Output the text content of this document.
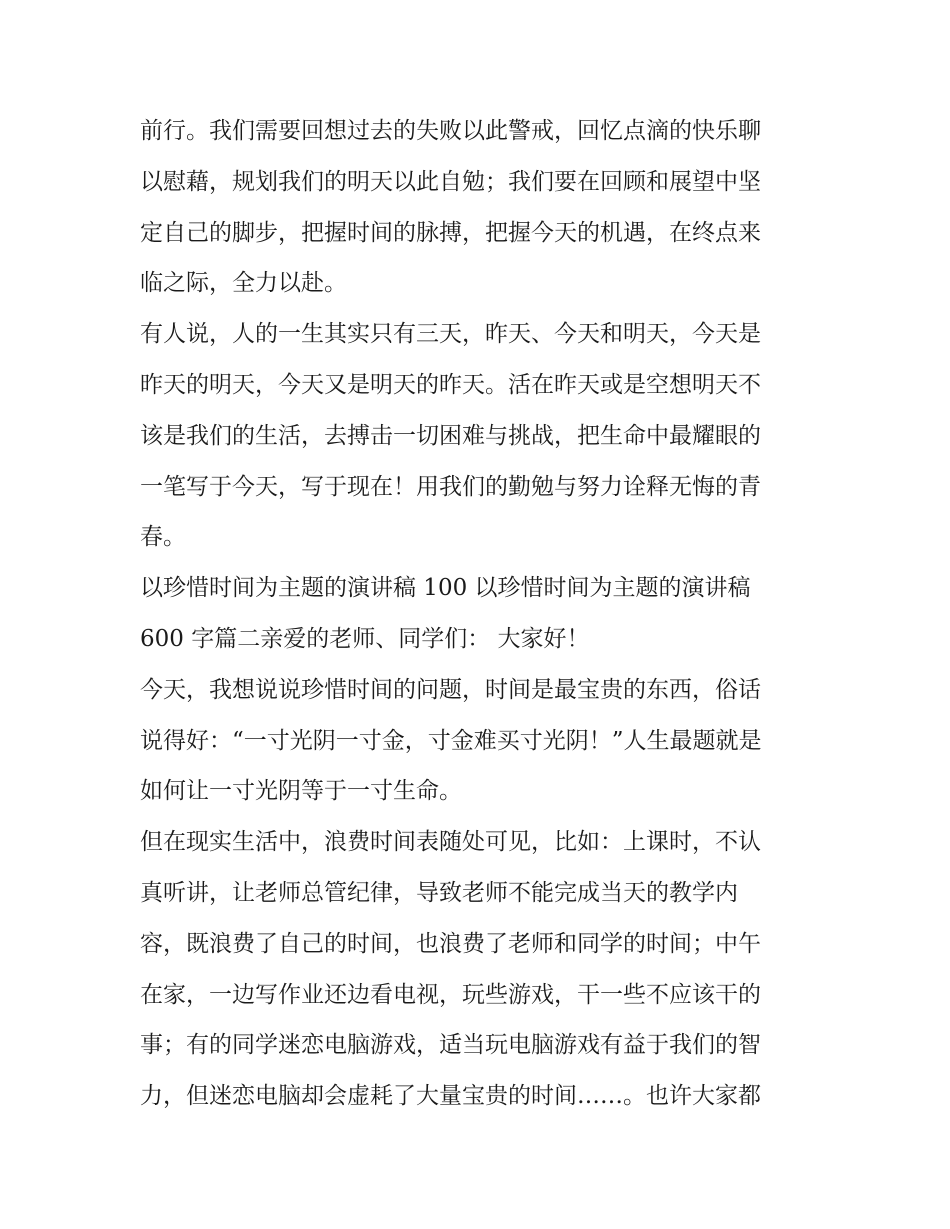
前行。我们需要回想过去的失败以此警戒，回忆点滴的快乐聊
以慰藉，规划我们的明天以此自勉；我们要在回顾和展望中坚
定自己的脚步，把握时间的脉搏，把握今天的机遇，在终点来
临之际，全力以赴。
有人说，人的一生其实只有三天，昨天、今天和明天，今天是
昨天的明天，今天又是明天的昨天。活在昨天或是空想明天不
该是我们的生活，去搏击一切困难与挑战，把生命中最耀眼的
一笔写于今天，写于现在！用我们的勤勉与努力诠释无悔的青
春。
以珍惜时间为主题的演讲稿 100 以珍惜时间为主题的演讲稿
600 字篇二亲爱的老师、同学们： 大家好！
今天，我想说说珍惜时间的问题，时间是最宝贵的东西，俗话
说得好：“一寸光阴一寸金，寸金难买寸光阴！”人生最题就是
如何让一寸光阴等于一寸生命。
但在现实生活中，浪费时间表随处可见，比如：上课时，不认
真听讲，让老师总管纪律，导致老师不能完成当天的教学内
容，既浪费了自己的时间，也浪费了老师和同学的时间；中午
在家，一边写作业还边看电视，玩些游戏，干一些不应该干的
事；有的同学迷恋电脑游戏，适当玩电脑游戏有益于我们的智
力，但迷恋电脑却会虚耗了大量宝贵的时间……。也许大家都
